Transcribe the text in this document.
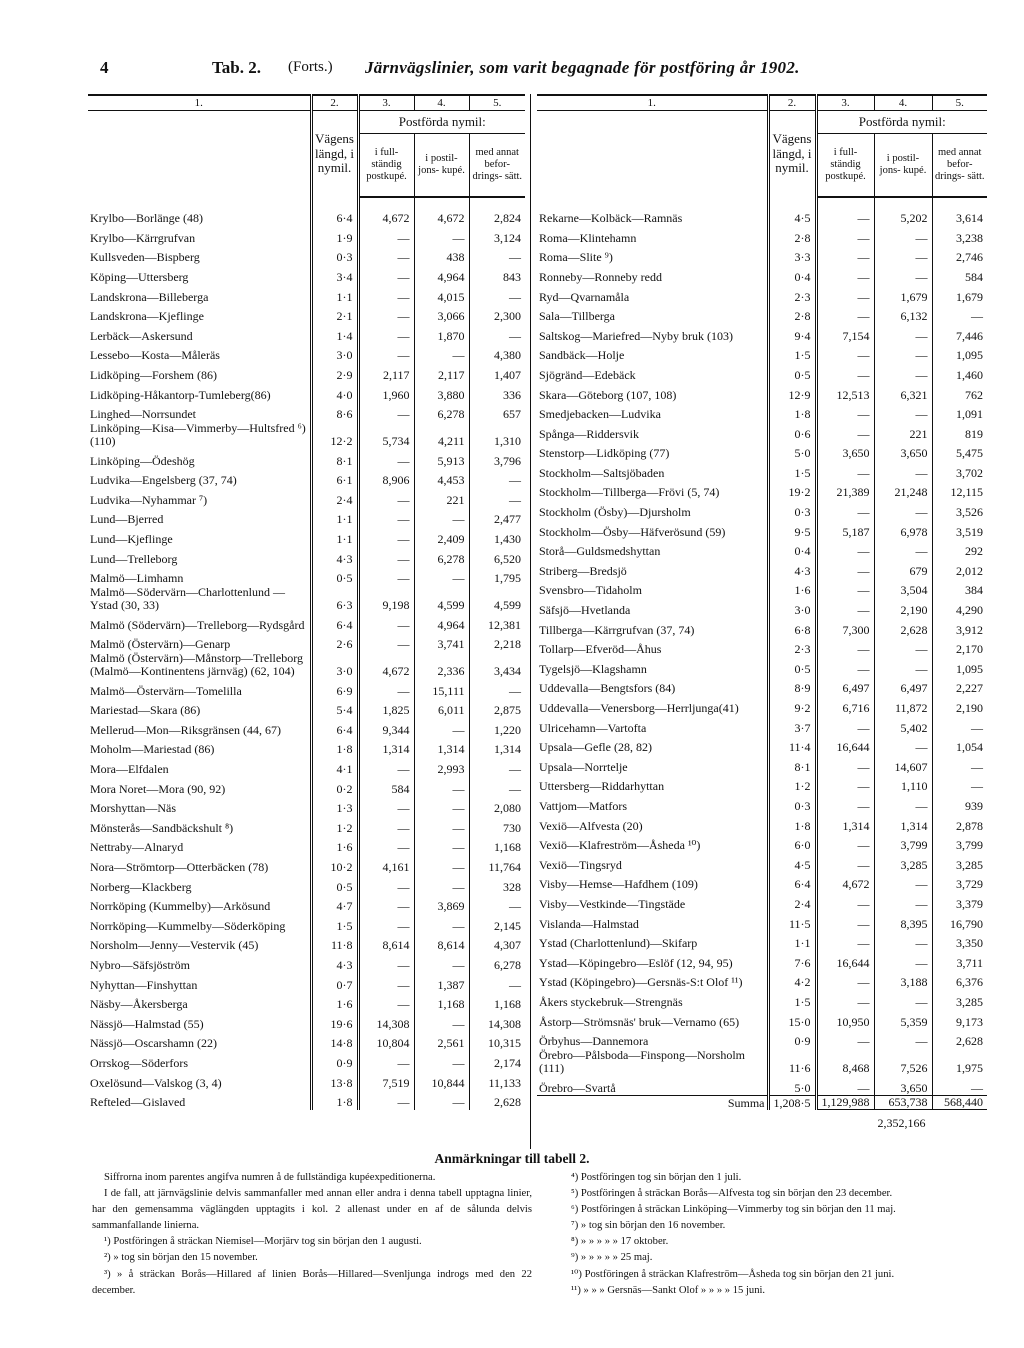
4	Tab. 2. (Forts.) Järnvägslinier, som varit begagnade för postföring år 1902.
1.	2.	3.	4.	5.
	Vägens längd, i nymil.	Postförda nymil:		
		i full- ständig postkupé.	i postil- jons- kupé.	med annat befor- drings- sätt.
Krylbo—Borlänge (48)	6·4	4,672	4,672	2,824
Krylbo—Kärrgrufvan	1·9	—	—	3,124
Kullsveden—Bispberg	0·3	—	438	—
Köping—Uttersberg	3·4	—	4,964	843
Landskrona—Billeberga	1·1	—	4,015	—
Landskrona—Kjeflinge	2·1	—	3,066	2,300
Lerbäck—Askersund	1·4	—	1,870	—
Lessebo—Kosta—Måleräs	3·0	—	—	4,380
Lidköping—Forshem (86)	2·9	2,117	2,117	1,407
Lidköping-Håkantorp-Tumleberg(86)	4·0	1,960	3,880	336
Linghed—Norrsundet	8·6	—	6,278	657
Linköping—Kisa—Vimmerby—Hultsfred ⁶) (110)	12·2	5,734	4,211	1,310
Linköping—Ödeshög	8·1	—	5,913	3,796
Ludvika—Engelsberg (37, 74)	6·1	8,906	4,453	—
Ludvika—Nyhammar ⁷)	2·4	—	221	—
Lund—Bjerred	1·1	—	—	2,477
Lund—Kjeflinge	1·1	—	2,409	1,430
Lund—Trelleborg	4·3	—	6,278	6,520
Malmö—Limhamn	0·5	—	—	1,795
Malmö—Södervärn—Charlottenlund —Ystad (30, 33)	6·3	9,198	4,599	4,599
Malmö (Södervärn)—Trelleborg—Rydsgård	6·4	—	4,964	12,381
Malmö (Östervärn)—Genarp	2·6	—	3,741	2,218
Malmö (Östervärn)—Månstorp—Trelleborg (Malmö—Kontinentens järnväg) (62, 104)	3·0	4,672	2,336	3,434
Malmö—Östervärn—Tomelilla	6·9	—	15,111	—
Mariestad—Skara (86)	5·4	1,825	6,011	2,875
Mellerud—Mon—Riksgränsen (44, 67)	6·4	9,344	—	1,220
Moholm—Mariestad (86)	1·8	1,314	1,314	1,314
Mora—Elfdalen	4·1	—	2,993	—
Mora Noret—Mora (90, 92)	0·2	584	—	—
Morshyttan—Näs	1·3	—	—	2,080
Mönsterås—Sandbäckshult ⁸)	1·2	—	—	730
Nettraby—Alnaryd	1·6	—	—	1,168
Nora—Strömtorp—Otterbäcken (78)	10·2	4,161	—	11,764
Norberg—Klackberg	0·5	—	—	328
Norrköping (Kummelby)—Arkösund	4·7	—	3,869	—
Norrköping—Kummelby—Söderköping	1·5	—	—	2,145
Norsholm—Jenny—Vestervik (45)	11·8	8,614	8,614	4,307
Nybro—Säfsjöström	4·3	—	—	6,278
Nyhyttan—Finshyttan	0·7	—	1,387	—
Näsby—Åkersberga	1·6	—	1,168	1,168
Nässjö—Halmstad (55)	19·6	14,308	—	14,308
Nässjö—Oscarshamn (22)	14·8	10,804	2,561	10,315
Orrskog—Söderfors	0·9	—	—	2,174
Oxelösund—Valskog (3, 4)	13·8	7,519	10,844	11,133
Refteled—Gislaved	1·8	—	—	2,628
1.	2.	3.	4.	5.
	Vägens längd, i nymil.	Postförda nymil:		
		i full- ständig postkupé.	i postil- jons- kupé.	med annat befor- drings- sätt.
Rekarne—Kolbäck—Ramnäs	4·5	—	5,202	3,614
Roma—Klintehamn	2·8	—	—	3,238
Roma—Slite ⁹)	3·3	—	—	2,746
Ronneby—Ronneby redd	0·4	—	—	584
Ryd—Qvarnamåla	2·3	—	1,679	1,679
Sala—Tillberga	2·8	—	6,132	—
Saltskog—Mariefred—Nyby bruk (103)	9·4	7,154	—	7,446
Sandbäck—Holje	1·5	—	—	1,095
Sjögränd—Edebäck	0·5	—	—	1,460
Skara—Göteborg (107, 108)	12·9	12,513	6,321	762
Smedjebacken—Ludvika	1·8	—	—	1,091
Spånga—Riddersvik	0·6	—	221	819
Stenstorp—Lidköping (77)	5·0	3,650	3,650	5,475
Stockholm—Saltsjöbaden	1·5	—	—	3,702
Stockholm—Tillberga—Frövi (5, 74)	19·2	21,389	21,248	12,115
Stockholm (Ösby)—Djursholm	0·3	—	—	3,526
Stockholm—Ösby—Häfverösund (59)	9·5	5,187	6,978	3,519
Storå—Guldsmedshyttan	0·4	—	—	292
Striberg—Bredsjö	4·3	—	679	2,012
Svensbro—Tidaholm	1·6	—	3,504	384
Säfsjö—Hvetlanda	3·0	—	2,190	4,290
Tillberga—Kärrgrufvan (37, 74)	6·8	7,300	2,628	3,912
Tollarp—Efveröd—Åhus	2·3	—	—	2,170
Tygelsjö—Klagshamn	0·5	—	—	1,095
Uddevalla—Bengtsfors (84)	8·9	6,497	6,497	2,227
Uddevalla—Venersborg—Herrljunga(41)	9·2	6,716	11,872	2,190
Ulricehamn—Vartofta	3·7	—	5,402	—
Upsala—Gefle (28, 82)	11·4	16,644	—	1,054
Upsala—Norrtelje	8·1	—	14,607	—
Uttersberg—Riddarhyttan	1·2	—	1,110	—
Vattjom—Matfors	0·3	—	—	939
Vexiö—Alfvesta (20)	1·8	1,314	1,314	2,878
Vexiö—Klafreström—Åsheda ¹⁰)	6·0	—	3,799	3,799
Vexiö—Tingsryd	4·5	—	3,285	3,285
Visby—Hemse—Hafdhem (109)	6·4	4,672	—	3,729
Visby—Vestkinde—Tingstäde	2·4	—	—	3,379
Vislanda—Halmstad	11·5	—	8,395	16,790
Ystad (Charlottenlund)—Skifarp	1·1	—	—	3,350
Ystad—Köpingebro—Eslöf (12, 94, 95)	7·6	16,644	—	3,711
Ystad (Köpingebro)—Gersnäs-S:t Olof ¹¹)	4·2	—	3,188	6,376
Åkers styckebruk—Strengnäs	1·5	—	—	3,285
Åstorp—Strömsnäs' bruk—Vernamo (65)	15·0	10,950	5,359	9,173
Örbyhus—Dannemora	0·9	—	—	2,628
Örebro—Pålsboda—Finspong—Norsholm (111)	11·6	8,468	7,526	1,975
Örebro—Svartå	5·0	—	3,650	—
Summa	1,208·5	1,129,988	653,738	568,440
		2,352,166		
Anmärkningar till tabell 2.

Siffrorna inom parentes angifva numren å de fullständiga kupéexpeditionerna.

I de fall, att järnvägslinie delvis sammanfaller med annan eller andra i denna tabell upptagna linier, har den gemensamma väglängden upptagits i kol. 2 allenast under en af de sålunda delvis sammanfallande linierna.

¹) Postföringen å sträckan Niemisel—Morjärv tog sin början den 1 augusti.

²) » tog sin början den 15 november.

³) » å sträckan Borås—Hillared af linien Borås—Hillared—Svenljunga indrogs med den 22 december.

⁴) Postföringen tog sin början den 1 juli.

⁵) Postföringen å sträckan Borås—Alfvesta tog sin början den 23 december.

⁶) Postföringen å sträckan Linköping—Vimmerby tog sin början den 11 maj.

⁷) » tog sin början den 16 november.

⁸) » » » » » 17 oktober.

⁹) » » » » » 25 maj.

¹⁰) Postföringen å sträckan Klafreström—Åsheda tog sin början den 21 juni.

¹¹) » » » Gersnäs—Sankt Olof » » » » 15 juni.
